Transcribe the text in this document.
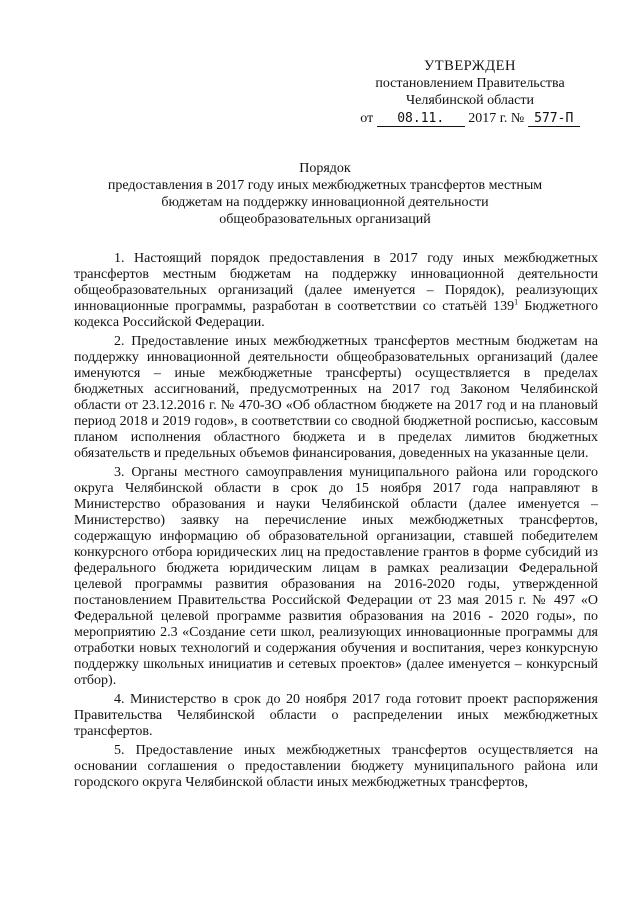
УТВЕРЖДЕН
постановлением Правительства
Челябинской области
от 08.11. 2017 г. № 577-П
Порядок
предоставления в 2017 году иных межбюджетных трансфертов местным бюджетам на поддержку инновационной деятельности общеобразовательных организаций

1. Настоящий порядок предоставления в 2017 году иных межбюджетных трансфертов местным бюджетам на поддержку инновационной деятельности общеобразовательных организаций (далее именуется – Порядок), реализующих инновационные программы, разработан в соответствии со статьёй $139^1$ Бюджетного кодекса Российской Федерации.

2. Предоставление иных межбюджетных трансфертов местным бюджетам на поддержку инновационной деятельности общеобразовательных организаций (далее именуются – иные межбюджетные трансферты) осуществляется в пределах бюджетных ассигнований, предусмотренных на 2017 год Законом Челябинской области от 23.12.2016 г. № 470-ЗО «Об областном бюджете на 2017 год и на плановый период 2018 и 2019 годов», в соответствии со сводной бюджетной росписью, кассовым планом исполнения областного бюджета и в пределах лимитов бюджетных обязательств и предельных объемов финансирования, доведенных на указанные цели.

3. Органы местного самоуправления муниципального района или городского округа Челябинской области в срок до 15 ноября 2017 года направляют в Министерство образования и науки Челябинской области (далее именуется – Министерство) заявку на перечисление иных межбюджетных трансфертов, содержащую информацию об образовательной организации, ставшей победителем конкурсного отбора юридических лиц на предоставление грантов в форме субсидий из федерального бюджета юридическим лицам в рамках реализации Федеральной целевой программы развития образования на 2016-2020 годы, утвержденной постановлением Правительства Российской Федерации от 23 мая 2015 г. № 497 «О Федеральной целевой программе развития образования на 2016 - 2020 годы», по мероприятию 2.3 «Создание сети школ, реализующих инновационные программы для отработки новых технологий и содержания обучения и воспитания, через конкурсную поддержку школьных инициатив и сетевых проектов» (далее именуется – конкурсный отбор).

4. Министерство в срок до 20 ноября 2017 года готовит проект распоряжения Правительства Челябинской области о распределении иных межбюджетных трансфертов.

5. Предоставление иных межбюджетных трансфертов осуществляется на основании соглашения о предоставлении бюджету муниципального района или городского округа Челябинской области иных межбюджетных трансфертов,
